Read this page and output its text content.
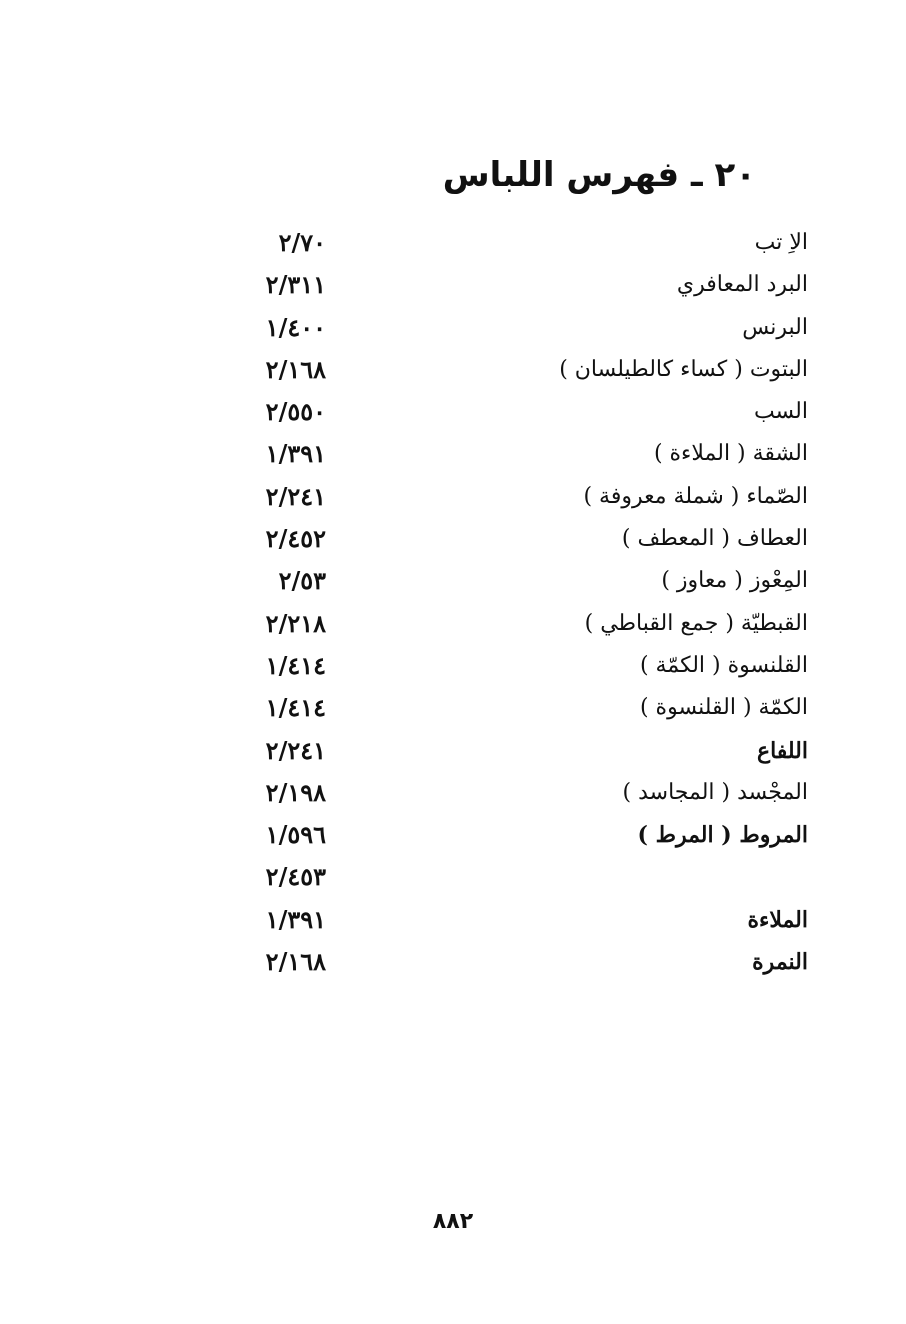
٢٠ ـ فهرس اللباس
الاِ تب
٢/٧٠
البرد المعافري
٢/٣١١
البرنس
١/٤٠٠
البتوت ( كساء كالطيلسان )
٢/١٦٨
السب
٢/٥٥٠
الشقة ( الملاءة )
١/٣٩١
الصّماء ( شملة معروفة )
٢/٢٤١
العطاف ( المعطف )
٢/٤٥٢
المِعْوز ( معاوز )
٢/٥٣
القبطيّة ( جمع القباطي )
٢/٢١٨
القلنسوة ( الكمّة )
١/٤١٤
الكمّة ( القلنسوة )
١/٤١٤
اللفاع
٢/٢٤١
المجْسد ( المجاسد )
٢/١٩٨
المروط ( المرط )
١/٥٩٦
٢/٤٥٣
الملاءة
١/٣٩١
النمرة
٢/١٦٨
٨٨٢
